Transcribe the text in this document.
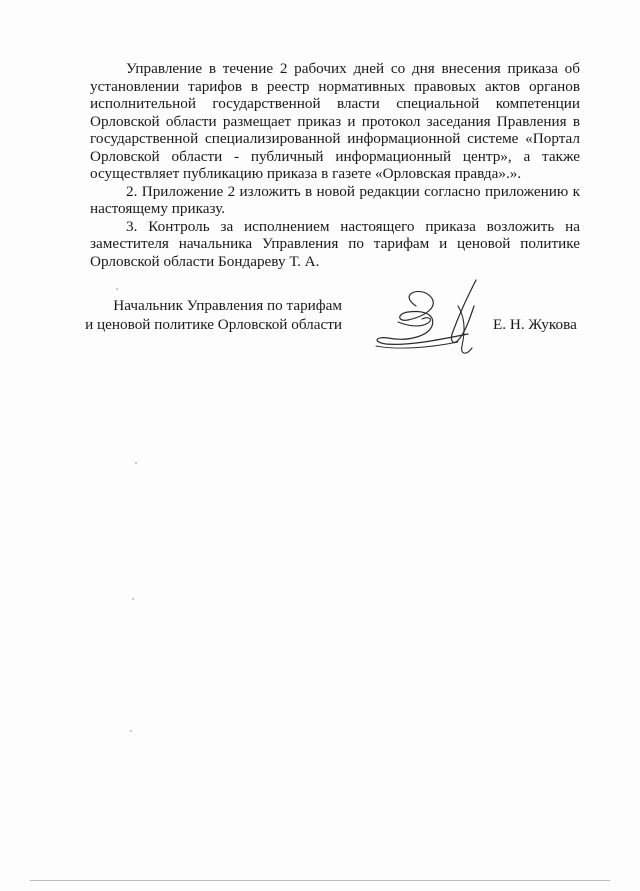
Управление в течение 2 рабочих дней со дня внесения приказа об установлении тарифов в реестр нормативных правовых актов органов исполнительной государственной власти специальной компетенции Орловской области размещает приказ и протокол заседания Правления в государственной специализированной информационной системе «Портал Орловской области - публичный информационный центр», а также осуществляет публикацию приказа в газете «Орловская правда».».

2. Приложение 2 изложить в новой редакции согласно приложению к настоящему приказу.

3. Контроль за исполнением настоящего приказа возложить на заместителя начальника Управления по тарифам и ценовой политике Орловской области Бондареву Т. А.

Начальник Управления по тарифам
и ценовой политике Орловской области	Е. Н. Жукова
